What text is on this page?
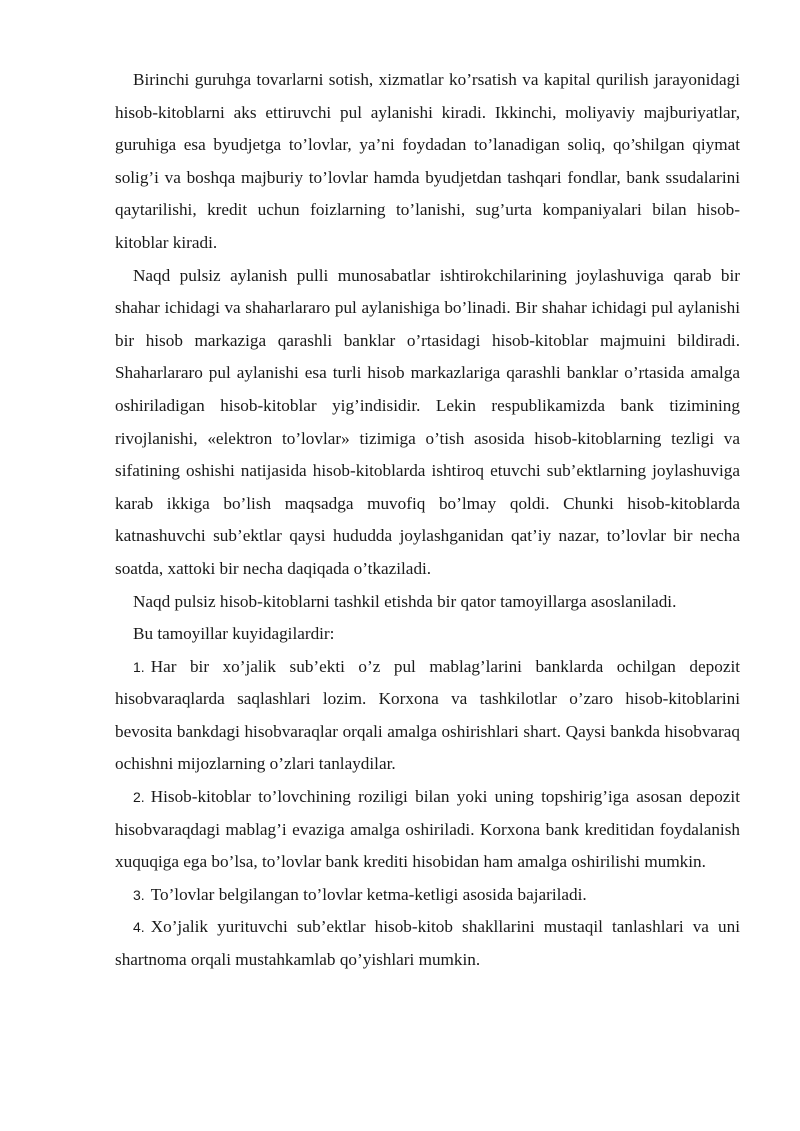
Birinchi guruhga tovarlarni sotish, xizmatlar ko’rsatish va kapital qurilish jarayonidagi hisob-kitoblarni aks ettiruvchi pul aylanishi kiradi. Ikkinchi, moliyaviy majburiyatlar, guruhiga esa byudjetga to’lovlar, ya’ni foydadan to’lanadigan soliq, qo’shilgan qiymat solig’i va boshqa majburiy to’lovlar hamda byudjetdan tashqari fondlar, bank ssudalarini qaytarilishi, kredit uchun foizlarning to’lanishi, sug’urta kompaniyalari bilan hisob-kitoblar kiradi.

Naqd pulsiz aylanish pulli munosabatlar ishtirokchilarining joylashuviga qarab bir shahar ichidagi va shaharlararo pul aylanishiga bo’linadi. Bir shahar ichidagi pul aylanishi bir hisob markaziga qarashli banklar o’rtasidagi hisob-kitoblar majmuini bildiradi. Shaharlararo pul aylanishi esa turli hisob markazlariga qarashli banklar o’rtasida amalga oshiriladigan hisob-kitoblar yig’indisidir. Lekin respublikamizda bank tizimining rivojlanishi, «elektron to’lovlar» tizimiga o’tish asosida hisob-kitoblarning tezligi va sifatining oshishi natijasida hisob-kitoblarda ishtiroq etuvchi sub’ektlarning joylashuviga karab ikkiga bo’lish maqsadga muvofiq bo’lmay qoldi. Chunki hisob-kitoblarda katnashuvchi sub’ektlar qaysi hududda joylashganidan qat’iy nazar, to’lovlar bir necha soatda, xattoki bir necha daqiqada o’tkaziladi.

Naqd pulsiz hisob-kitoblarni tashkil etishda bir qator tamoyillarga asoslaniladi.

Bu tamoyillar kuyidagilardir:

1. Har bir xo’jalik sub’ekti o’z pul mablag’larini banklarda ochilgan depozit hisobvaraqlarda saqlashlari lozim. Korxona va tashkilotlar o’zaro hisob-kitoblarini bevosita bankdagi hisobvaraqlar orqali amalga oshirishlari shart. Qaysi bankda hisobvaraq ochishni mijozlarning o’zlari tanlaydilar.

2. Hisob-kitoblar to’lovchining roziligi bilan yoki uning topshirig’iga asosan depozit hisobvaraqdagi mablag’i evaziga amalga oshiriladi. Korxona bank kreditidan foydalanish xuquqiga ega bo’lsa, to’lovlar bank krediti hisobidan ham amalga oshirilishi mumkin.

3. To’lovlar belgilangan to’lovlar ketma-ketligi asosida bajariladi.

4. Xo’jalik yurituvchi sub’ektlar hisob-kitob shakllarini mustaqil tanlashlari va uni shartnoma orqali mustahkamlab qo’yishlari mumkin.
